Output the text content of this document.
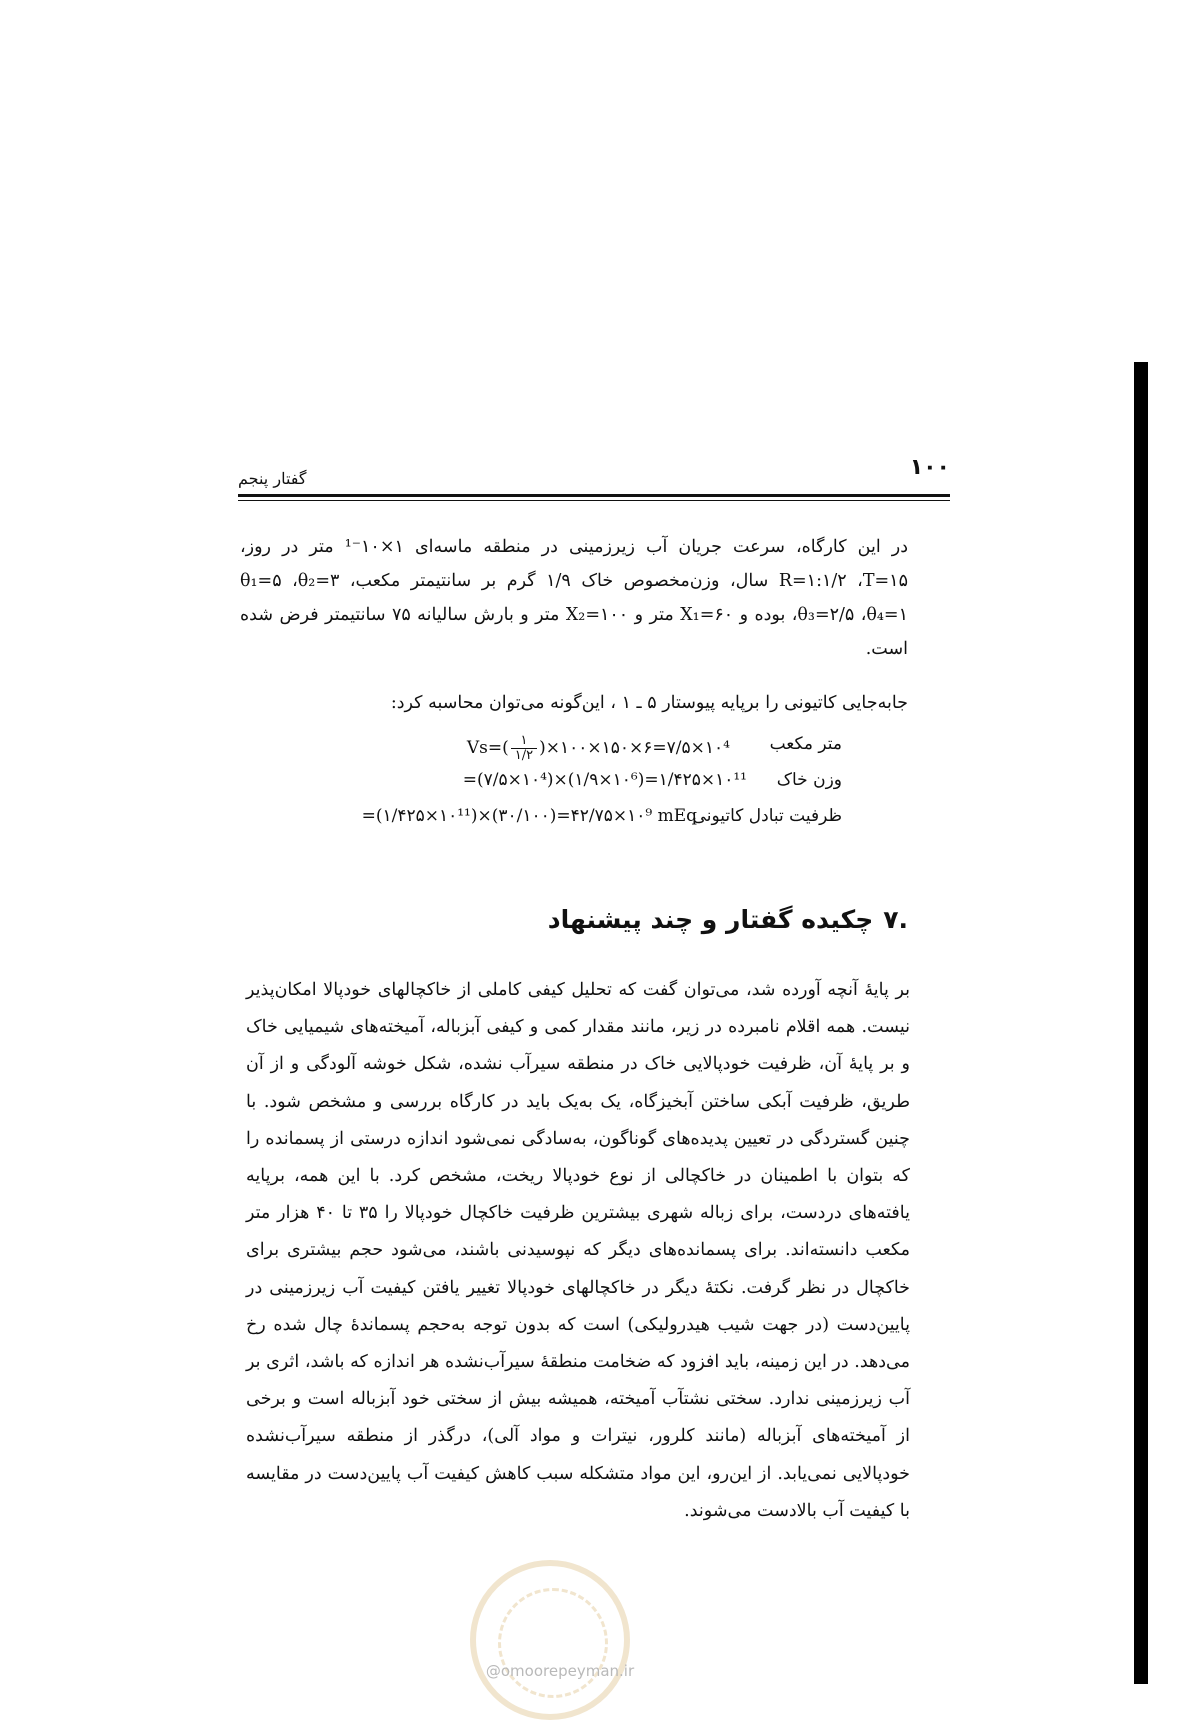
۱۰۰
گفتار پنجم
در این کارگاه، سرعت جریان آب زیرزمینی در منطقه ماسه‌ای ۱×۱۰⁻¹ متر در روز، R=۱:۱/۲ ،T=۱۵ سال، وزن‌مخصوص خاک ۱/۹ گرم بر سانتیمتر مکعب، θ₁=۵ ،θ₂=۳ ،θ₃=۲/۵ ،θ₄=۱ بوده و X₁=۶۰ متر و X₂=۱۰۰ متر و بارش سالیانه ۷۵ سانتیمتر فرض شده است.
جابه‌جایی کاتیونی را برپایه پیوستار ۵ ـ ۱ ، این‌گونه می‌توان محاسبه کرد:
متر مکعب
$Vs=( \frac{۱}{۱/۲}$ )×۱۰۰×۱۵۰×۶=۷/۵×۱۰⁴
وزن خاک
=(۷/۵×۱۰⁴)×(۱/۹×۱۰⁶)=۱/۴۲۵×۱۰¹¹
ظرفیت تبادل کاتیونی
=(۱/۴۲۵×۱۰¹¹)×(۳۰/۱۰۰)=۴۲/۷۵×۱۰⁹ mEq
.۷چکیده گفتار و چند پیشنهاد
بر پایهٔ آنچه آورده شد، می‌توان گفت که تحلیل کیفی کاملی از خاکچالهای خودپالا امکان‌پذیر نیست. همه اقلام نامبرده در زیر، مانند مقدار کمی و کیفی آبزباله، آمیخته‌های شیمیایی خاک و بر پایهٔ آن، ظرفیت خودپالایی خاک در منطقه سیرآب نشده، شکل خوشه آلودگی و از آن طریق، ظرفیت آبکی ساختن آبخیزگاه، یک به‌یک باید در کارگاه بررسی و مشخص شود. با چنین گستردگی در تعیین پدیده‌های گوناگون، به‌سادگی نمی‌شود اندازه درستی از پسمانده را که بتوان با اطمینان در خاکچالی از نوع خودپالا ریخت، مشخص کرد. با این همه، برپایه یافته‌های دردست، برای زباله شهری بیشترین ظرفیت خاکچال خودپالا را ۳۵ تا ۴۰ هزار متر مکعب دانسته‌اند. برای پسمانده‌های دیگر که نپوسیدنی باشند، می‌شود حجم بیشتری برای خاکچال در نظر گرفت. نکتهٔ دیگر در خاکچالهای خودپالا تغییر یافتن کیفیت آب زیرزمینی در پایین‌دست (در جهت شیب هیدرولیکی) است که بدون توجه به‌حجم پسماندهٔ چال شده رخ می‌دهد. در این زمینه، باید افزود که ضخامت منطقهٔ سیرآب‌نشده هر اندازه که باشد، اثری بر آب زیرزمینی ندارد. سختی نشتآب آمیخته، همیشه بیش از سختی خود آبزباله است و برخی از آمیخته‌های آبزباله (مانند کلرور، نیترات و مواد آلی)، درگذر از منطقه سیرآب‌نشده خودپالایی نمی‌یابد. از این‌رو، این مواد متشکله سبب کاهش کیفیت آب پایین‌دست در مقایسه با کیفیت آب بالادست می‌شوند.
@omoorepeyman.ir
